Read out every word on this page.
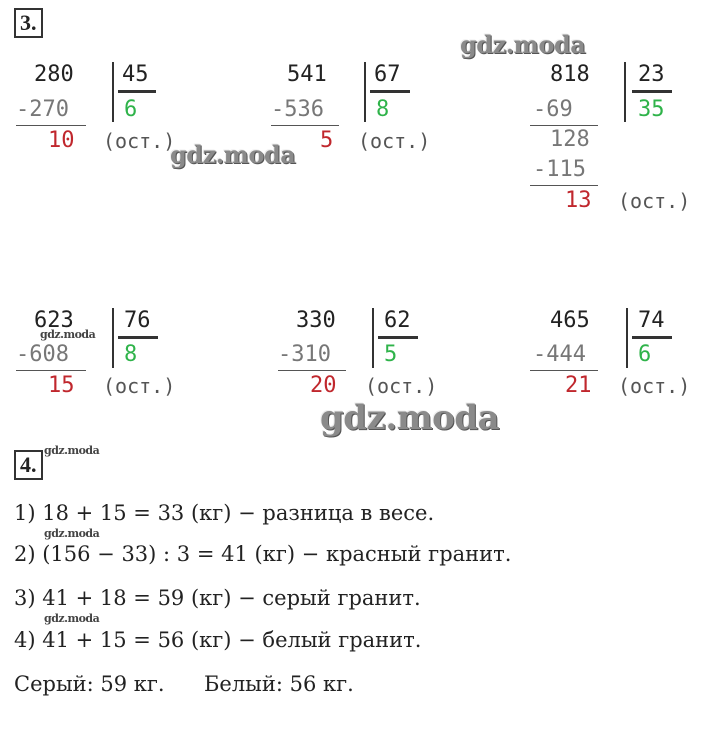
3.
280 45
-270	6
10 (ост.)
541 67
-536 8
5 (ост.)
818 23
-69	35
128
-115
13 (ост.)
623 76
-608	8
15 (ост.)
330 62
-310 5
20 (ост.)
465 74
-444 6
21 (ост.)
gdz.moda
gdz.moda
gdz.moda
gdz.moda
gdz.moda
gdz.moda
gdz.moda
4.
1) 18 + 15 = 33 (кг) − разница в весе.
2) (156 − 33) : 3 = 41 (кг) − красный гранит.
3) 41 + 18 = 59 (кг) − серый гранит.
4) 41 + 15 = 56 (кг) − белый гранит.
Серый: 59 кг. Белый: 56 кг.
